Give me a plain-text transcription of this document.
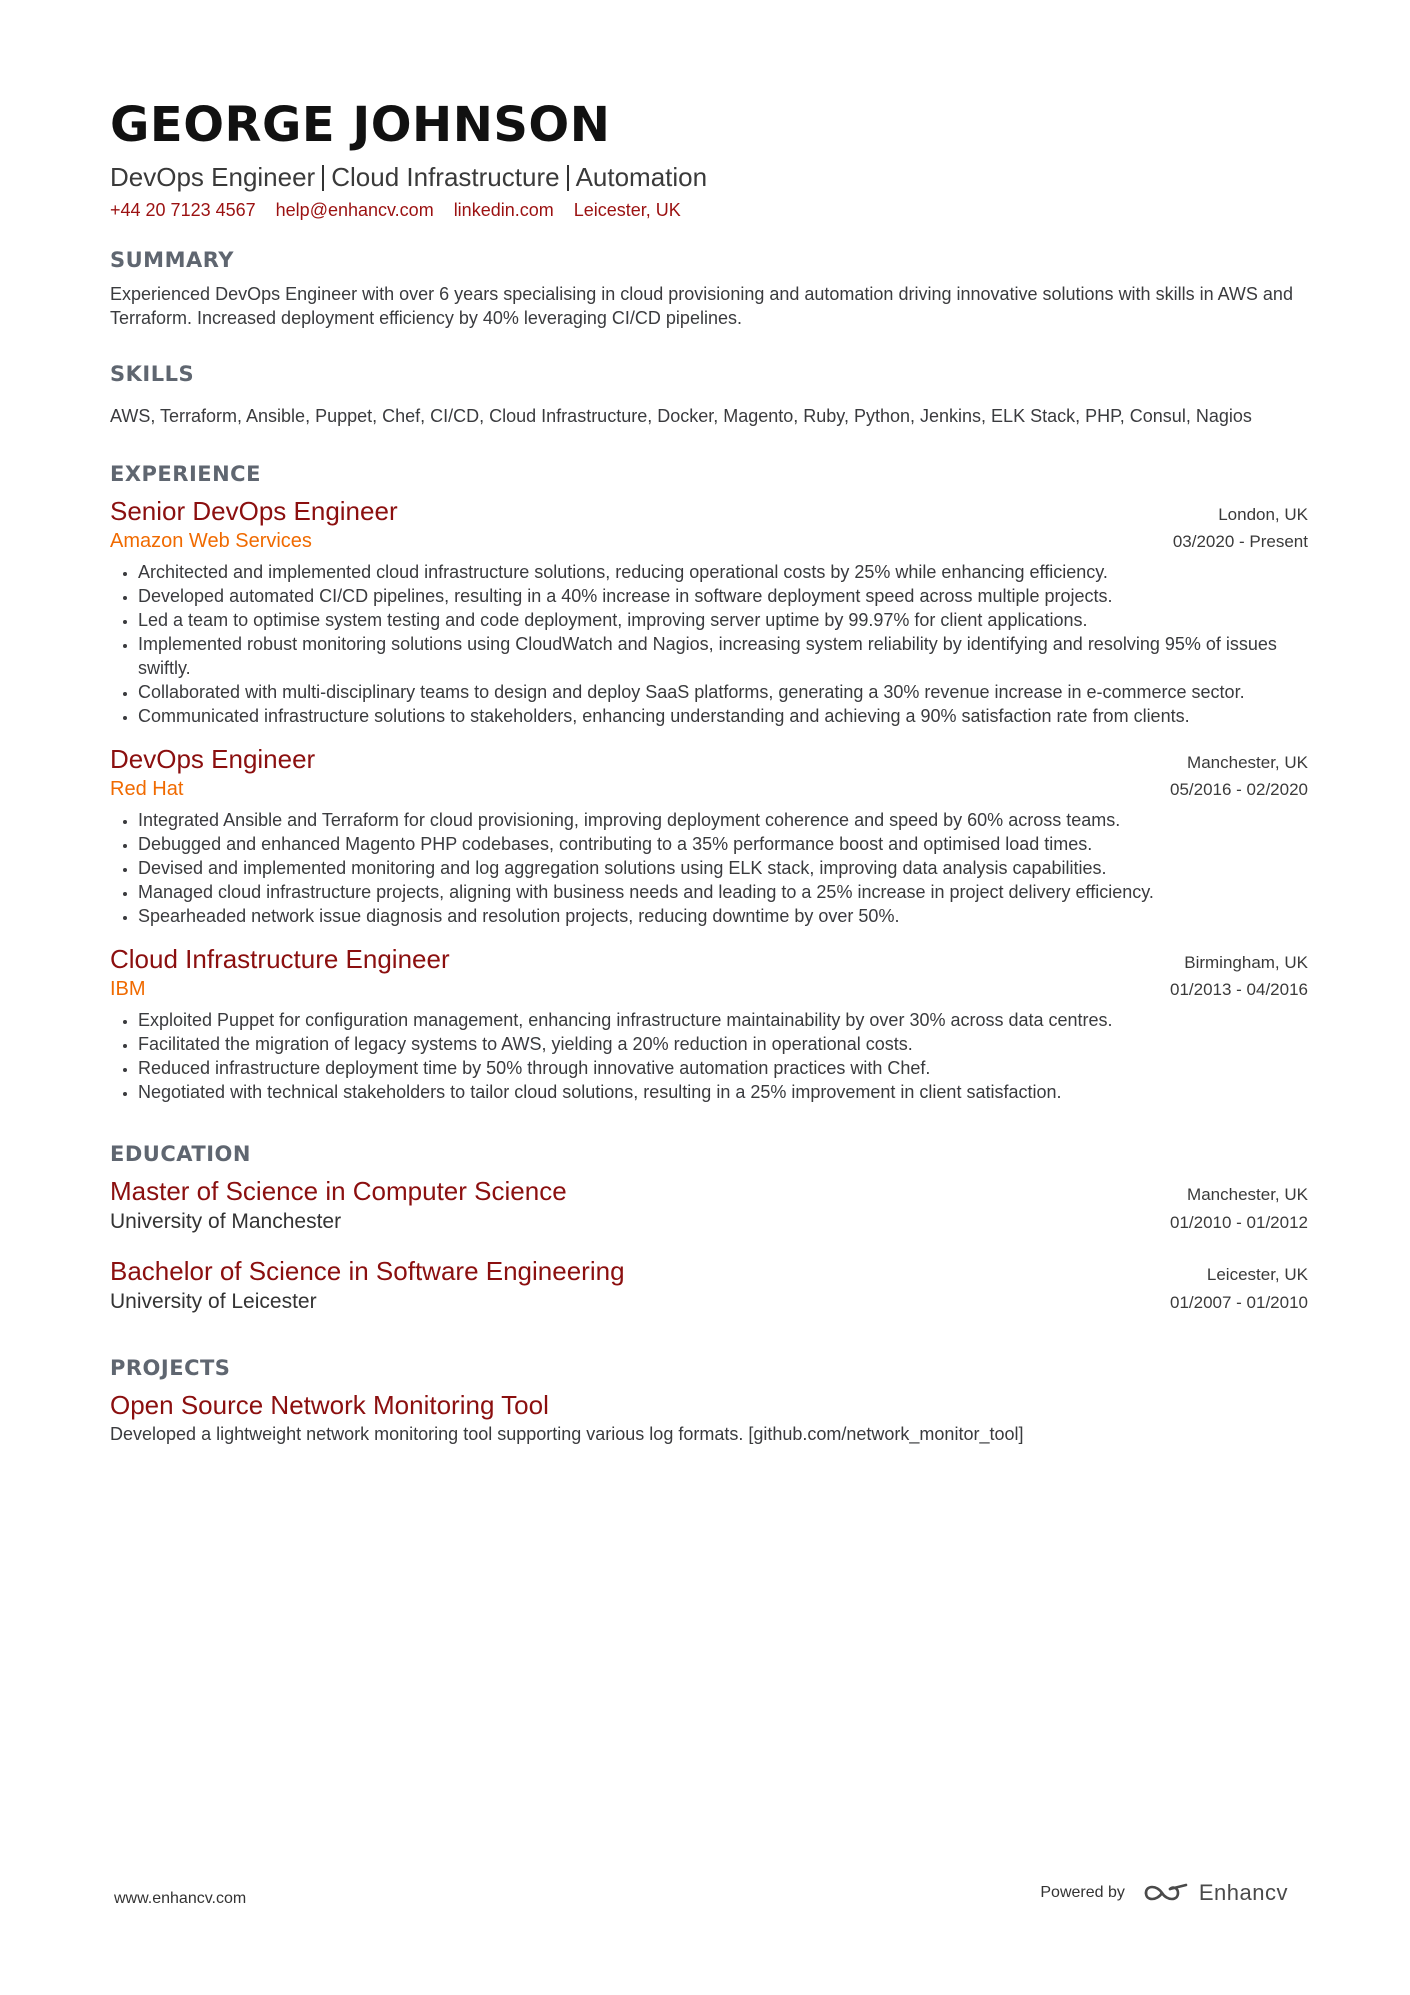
GEORGE JOHNSON
DevOps Engineer Cloud Infrastructure Automation
+44 20 7123 4567 help@enhancv.com linkedin.com Leicester, UK
SUMMARY
Experienced DevOps Engineer with over 6 years specialising in cloud provisioning and automation driving innovative solutions with skills in AWS and Terraform. Increased deployment efficiency by 40% leveraging CI/CD pipelines.
SKILLS
AWS, Terraform, Ansible, Puppet, Chef, CI/CD, Cloud Infrastructure, Docker, Magento, Ruby, Python, Jenkins, ELK Stack, PHP, Consul, Nagios
EXPERIENCE
Senior DevOps Engineer	London, UK
Amazon Web Services	03/2020 - Present
• Architected and implemented cloud infrastructure solutions, reducing operational costs by 25% while enhancing efficiency.
• Developed automated CI/CD pipelines, resulting in a 40% increase in software deployment speed across multiple projects.
• Led a team to optimise system testing and code deployment, improving server uptime by 99.97% for client applications.
• Implemented robust monitoring solutions using CloudWatch and Nagios, increasing system reliability by identifying and resolving 95% of issues swiftly.
• Collaborated with multi-disciplinary teams to design and deploy SaaS platforms, generating a 30% revenue increase in e-commerce sector.
• Communicated infrastructure solutions to stakeholders, enhancing understanding and achieving a 90% satisfaction rate from clients.
DevOps Engineer	Manchester, UK
Red Hat	05/2016 - 02/2020
• Integrated Ansible and Terraform for cloud provisioning, improving deployment coherence and speed by 60% across teams.
• Debugged and enhanced Magento PHP codebases, contributing to a 35% performance boost and optimised load times.
• Devised and implemented monitoring and log aggregation solutions using ELK stack, improving data analysis capabilities.
• Managed cloud infrastructure projects, aligning with business needs and leading to a 25% increase in project delivery efficiency.
• Spearheaded network issue diagnosis and resolution projects, reducing downtime by over 50%.
Cloud Infrastructure Engineer	Birmingham, UK
IBM	01/2013 - 04/2016
• Exploited Puppet for configuration management, enhancing infrastructure maintainability by over 30% across data centres.
• Facilitated the migration of legacy systems to AWS, yielding a 20% reduction in operational costs.
• Reduced infrastructure deployment time by 50% through innovative automation practices with Chef.
• Negotiated with technical stakeholders to tailor cloud solutions, resulting in a 25% improvement in client satisfaction.
EDUCATION
Master of Science in Computer Science	Manchester, UK
University of Manchester	01/2010 - 01/2012
Bachelor of Science in Software Engineering	Leicester, UK
University of Leicester	01/2007 - 01/2010
PROJECTS
Open Source Network Monitoring Tool
Developed a lightweight network monitoring tool supporting various log formats. [github.com/network_monitor_tool]
www.enhancv.com	Powered by	Enhancv
